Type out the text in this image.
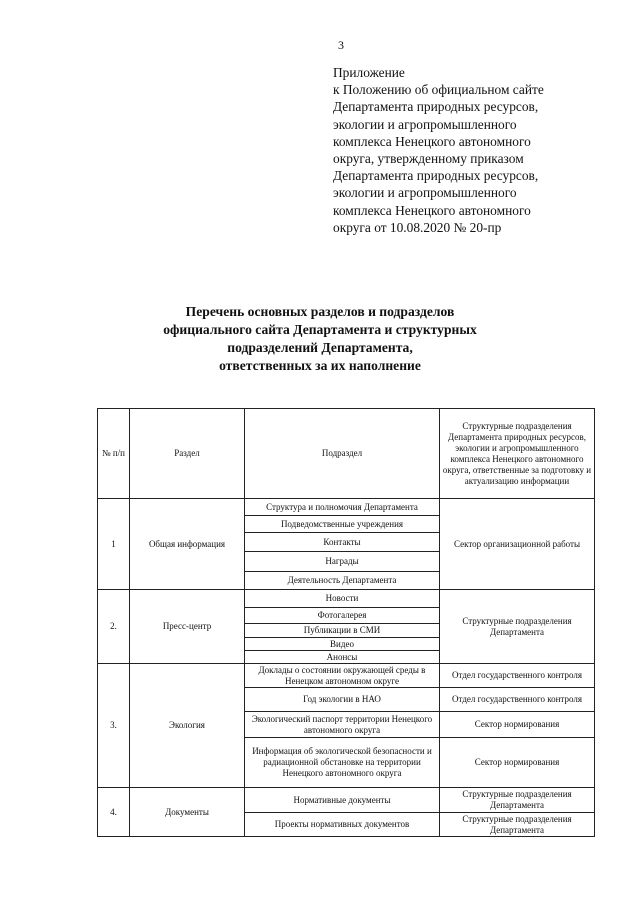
3
Приложение
к Положению об официальном сайте
Департамента природных ресурсов,
экологии и агропромышленного
комплекса Ненецкого автономного
округа, утвержденному приказом
Департамента природных ресурсов,
экологии и агропромышленного
комплекса Ненецкого автономного
округа от 10.08.2020 № 20-пр
Перечень основных разделов и подразделов
официального сайта Департамента и структурных
подразделений Департамента,
ответственных за их наполнение
№ п/п	Раздел	Подраздел	Структурные подразделения Департамента природных ресурсов, экологии и агропромышленного комплекса Ненецкого автономного округа, ответственные за подготовку и актуализацию информации
1	Общая информация	Структура и полномочия Департамента	Сектор организационной работы
		Подведомственные учреждения	
		Контакты	
		Награды	
		Деятельность Департамента	
2.	Пресс-центр	Новости	Структурные подразделения Департамента
		Фотогалерея	
		Публикации в СМИ	
		Видео	
		Анонсы	
3.	Экология	Доклады о состоянии окружающей среды в Ненецком автономном округе	Отдел государственного контроля
		Год экологии в НАО	Отдел государственного контроля
		Экологический паспорт территории Ненецкого автономного округа	Сектор нормирования
		Информация об экологической безопасности и радиационной обстановке на территории Ненецкого автономного округа	Сектор нормирования
4.	Документы	Нормативные документы	Структурные подразделения Департамента
		Проекты нормативных документов	Структурные подразделения Департамента
